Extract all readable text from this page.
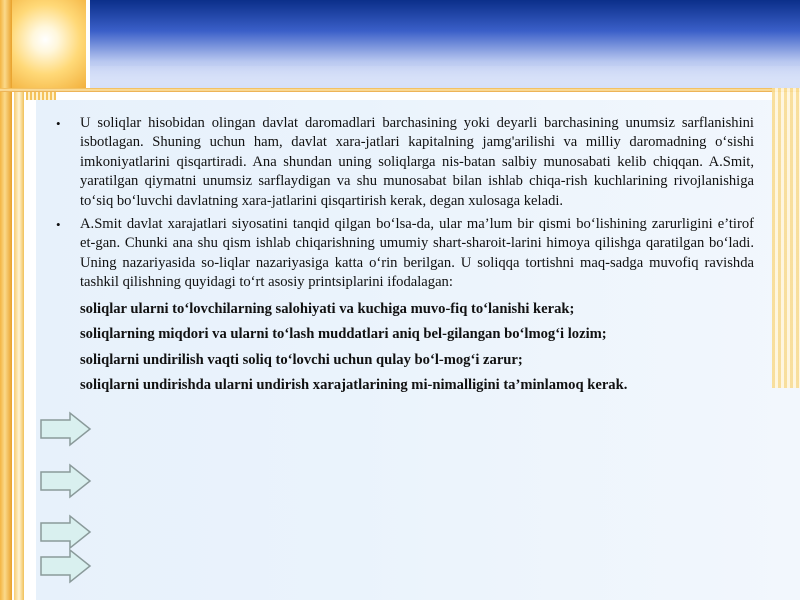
•	U soliqlar hisobidan olingan davlat daromadlari barchasining yoki deyarli barchasining unumsiz sarflanishini isbotlagan. Shuning uchun ham, davlat xara-jatlari kapitalning jamg'arilishi va milliy daromadning o‘sishi imkoniyatlarini qisqartiradi. Ana shundan uning soliqlarga nis-batan salbiy munosabati kelib chiqqan. A.Smit, yaratilgan qiymatni unumsiz sarflaydigan va shu munosabat bilan ishlab chiqa-rish kuchlarining rivojlanishiga to‘siq bo‘luvchi davlatning xara-jatlarini qisqartirish kerak, degan xulosaga keladi.
•	A.Smit davlat xarajatlari siyosatini tanqid qilgan bo‘lsa-da, ular ma’lum bir qismi bo‘lishining zarurligini e’tirof et-gan. Chunki ana shu qism ishlab chiqarishning umumiy shart-sharoit-larini himoya qilishga qaratilgan bo‘ladi. Uning nazariyasida so-liqlar nazariyasiga katta o‘rin berilgan. U soliqqa tortishni maq-sadga muvofiq ravishda tashkil qilishning quyidagi to‘rt asosiy printsiplarini ifodalagan:
soliqlar ularni to‘lovchilarning salohiyati va kuchiga muvo-fiq to‘lanishi kerak;
soliqlarning miqdori va ularni to‘lash muddatlari aniq bel-gilangan bo‘lmog‘i lozim;
soliqlarni undirilish vaqti soliq to‘lovchi uchun qulay bo‘l-mog‘i zarur;
soliqlarni undirishda ularni undirish xarajatlarining mi-nimalligini ta’minlamoq kerak.
